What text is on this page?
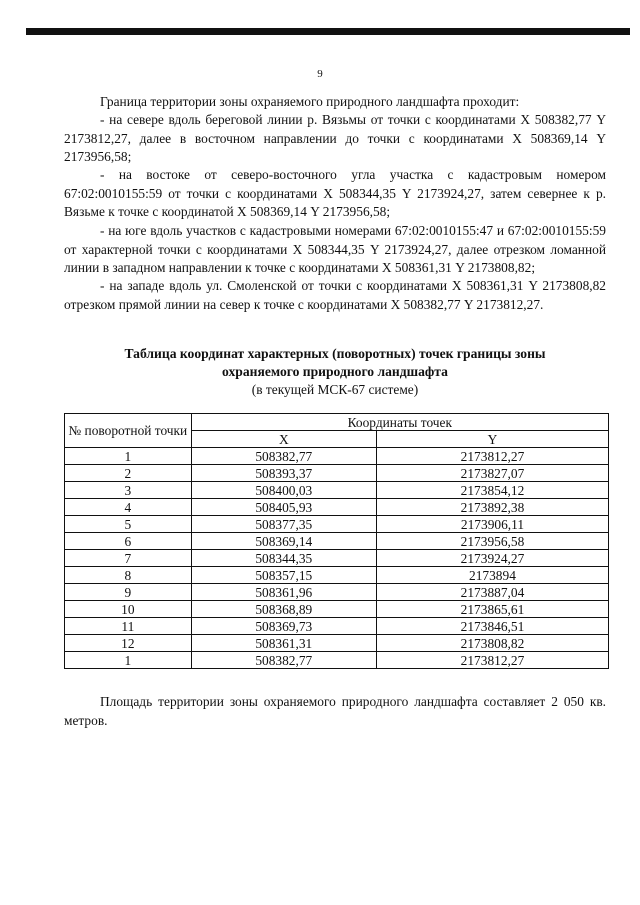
9

Граница территории зоны охраняемого природного ландшафта проходит:

- на севере вдоль береговой линии р. Вязьмы от точки с координатами Х 508382,77 Y 2173812,27, далее в восточном направлении до точки с координатами Х 508369,14 Y 2173956,58;

- на востоке от северо-восточного угла участка с кадастровым номером 67:02:0010155:59 от точки с координатами Х 508344,35 Y 2173924,27, затем севернее к р. Вязьме к точке с координатой Х 508369,14 Y 2173956,58;

- на юге вдоль участков с кадастровыми номерами 67:02:0010155:47 и 67:02:0010155:59 от характерной точки с координатами Х 508344,35 Y 2173924,27, далее отрезком ломанной линии в западном направлении к точке с координатами Х 508361,31 Y 2173808,82;

- на западе вдоль ул. Смоленской от точки с координатами Х 508361,31 Y 2173808,82 отрезком прямой линии на север к точке с координатами Х 508382,77 Y 2173812,27.

Таблица координат характерных (поворотных) точек границы зоны
охраняемого природного ландшафта
(в текущей МСК-67 системе)
№ поворотной точки	Координаты точек	
	Х	Y
1	508382,77	2173812,27
2	508393,37	2173827,07
3	508400,03	2173854,12
4	508405,93	2173892,38
5	508377,35	2173906,11
6	508369,14	2173956,58
7	508344,35	2173924,27
8	508357,15	2173894
9	508361,96	2173887,04
10	508368,89	2173865,61
11	508369,73	2173846,51
12	508361,31	2173808,82
1	508382,77	2173812,27

Площадь территории зоны охраняемого природного ландшафта составляет 2 050 кв. метров.
